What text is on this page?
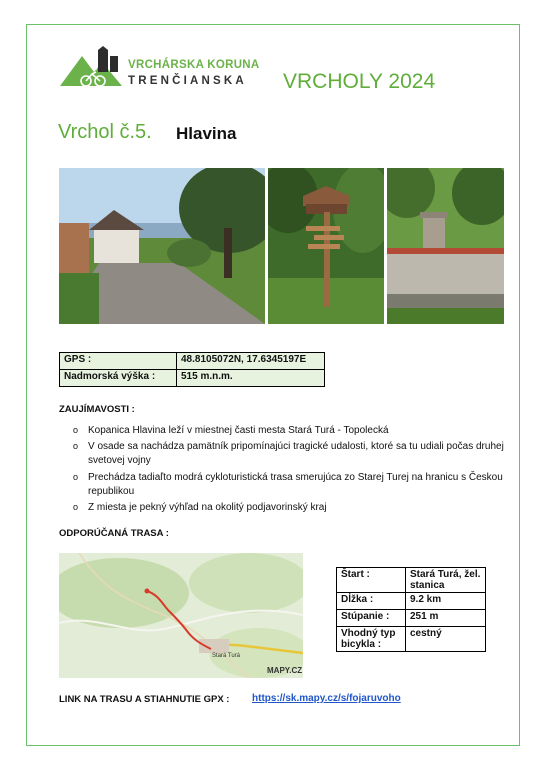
VRCHÁRSKA KORUNA
TRENČIANSKA VRCHOLY 2024
Vrchol č.5. Hlavina
GPS :	48.8105072N, 17.6345197E
Nadmorská výška :	515 m.n.m.
ZAUJÍMAVOSTI :
o Kopanica Hlavina leží v miestnej časti mesta Stará Turá - Topolecká
o V osade sa nachádza pamätník pripomínajúci tragické udalosti, ktoré sa tu udiali počas druhej svetovej vojny
o Prechádza tadiaľto modrá cykloturistická trasa smerujúca zo Starej Turej na hranicu s Českou republikou
o Z miesta je pekný výhľad na okolitý podjavorinský kraj
ODPORÚČANÁ TRASA :
Stará Turá
MAPY.CZ
Štart :	Stará Turá, žel. stanica
Dĺžka :	9.2 km
Stúpanie :	251 m
Vhodný typ bicykla :	cestný
LINK NA TRASU A STIAHNUTIE GPX : https://sk.mapy.cz/s/fojaruvoho
